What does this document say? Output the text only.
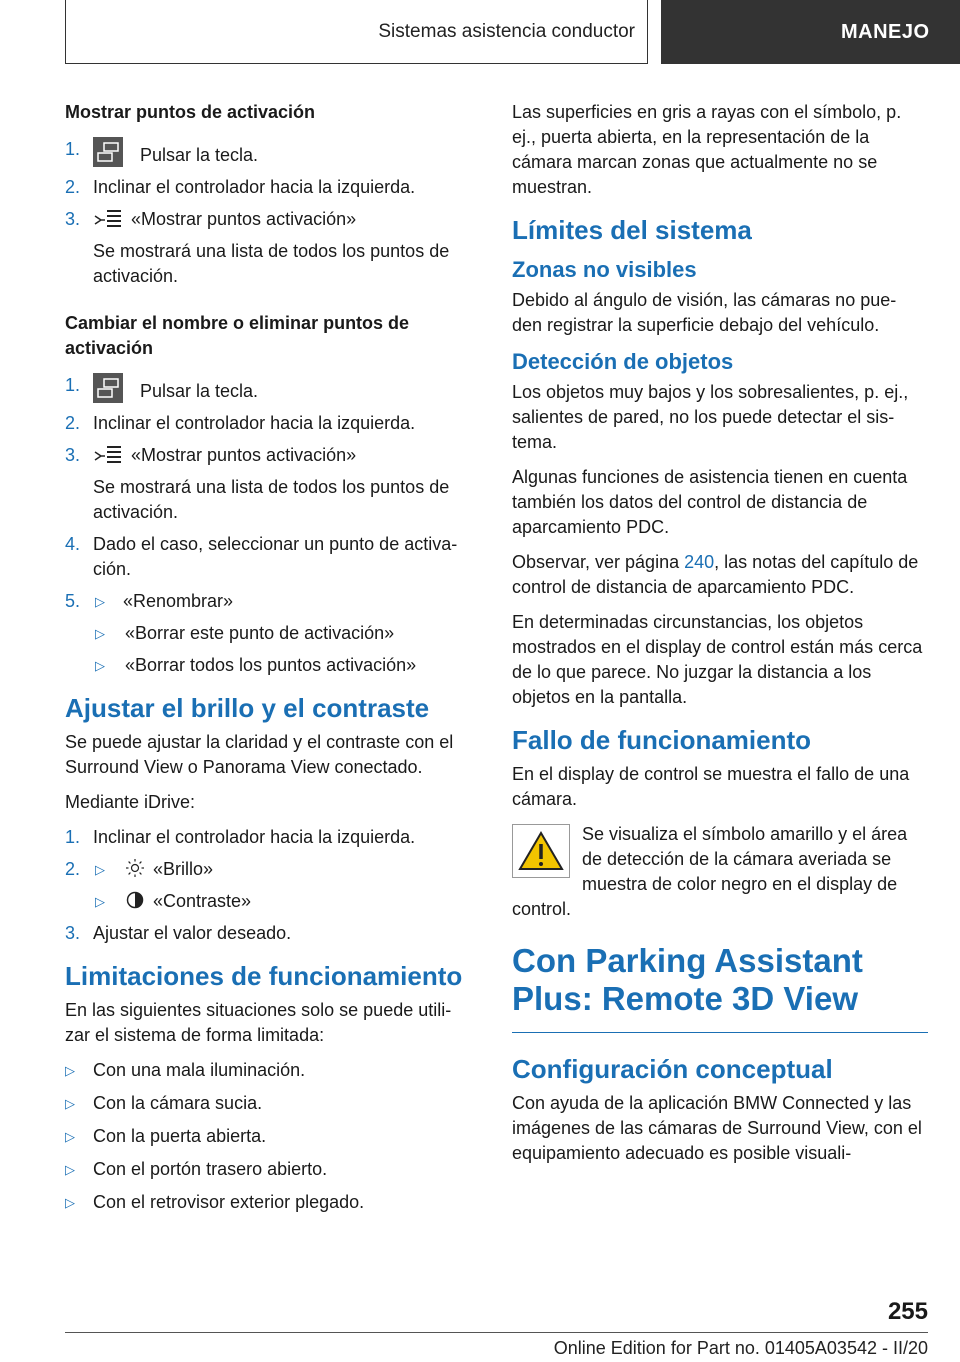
Sistemas asistencia conductor	MANEJO
Mostrar puntos de activación
1.	Pulsar la tecla.
2. Inclinar el controlador hacia la izquierda.
3.	«Mostrar puntos activación»
Se mostrará una lista de todos los puntos de activación.
Cambiar el nombre o eliminar puntos de activación
1.	Pulsar la tecla.
2. Inclinar el controlador hacia la izquierda.
3.	«Mostrar puntos activación»
Se mostrará una lista de todos los puntos de activación.
4. Dado el caso, seleccionar un punto de activa‐ ción.
5. ▷ «Renombrar»
▷ «Borrar este punto de activación»
▷ «Borrar todos los puntos activación»
Ajustar el brillo y el contraste

Se puede ajustar la claridad y el contraste con el Surround View o Panorama View conectado.

Mediante iDrive:

1. Inclinar el controlador hacia la izquierda.
2. ▷	«Brillo»
▷	«Contraste»
3. Ajustar el valor deseado.
Limitaciones de funcionamiento

En las siguientes situaciones solo se puede utili‐ zar el sistema de forma limitada:

▷ Con una mala iluminación.
▷ Con la cámara sucia.
▷ Con la puerta abierta.
▷ Con el portón trasero abierto.
▷ Con el retrovisor exterior plegado.

Las superficies en gris a rayas con el símbolo, p. ej., puerta abierta, en la representación de la cámara marcan zonas que actualmente no se muestran.

Límites del sistema
Zonas no visibles

Debido al ángulo de visión, las cámaras no pue‐ den registrar la superficie debajo del vehículo.

Detección de objetos

Los objetos muy bajos y los sobresalientes, p. ej., salientes de pared, no los puede detectar el sis‐ tema.

Algunas funciones de asistencia tienen en cuenta también los datos del control de distancia de aparcamiento PDC.

Observar, ver página 240, las notas del capítulo de control de distancia de aparcamiento PDC.

En determinadas circunstancias, los objetos mostrados en el display de control están más cerca de lo que parece. No juzgar la distancia a los objetos en la pantalla.

Fallo de funcionamiento

En el display de control se muestra el fallo de una cámara.

Se visualiza el símbolo amarillo y el área de detección de la cámara averiada se muestra de color negro en el display de

control.

Con Parking Assistant Plus: Remote 3D View
Configuración conceptual

Con ayuda de la aplicación BMW Connected y las imágenes de las cámaras de Surround View, con el equipamiento adecuado es posible visuali‐

255
Online Edition for Part no. 01405A03542 - II/20
